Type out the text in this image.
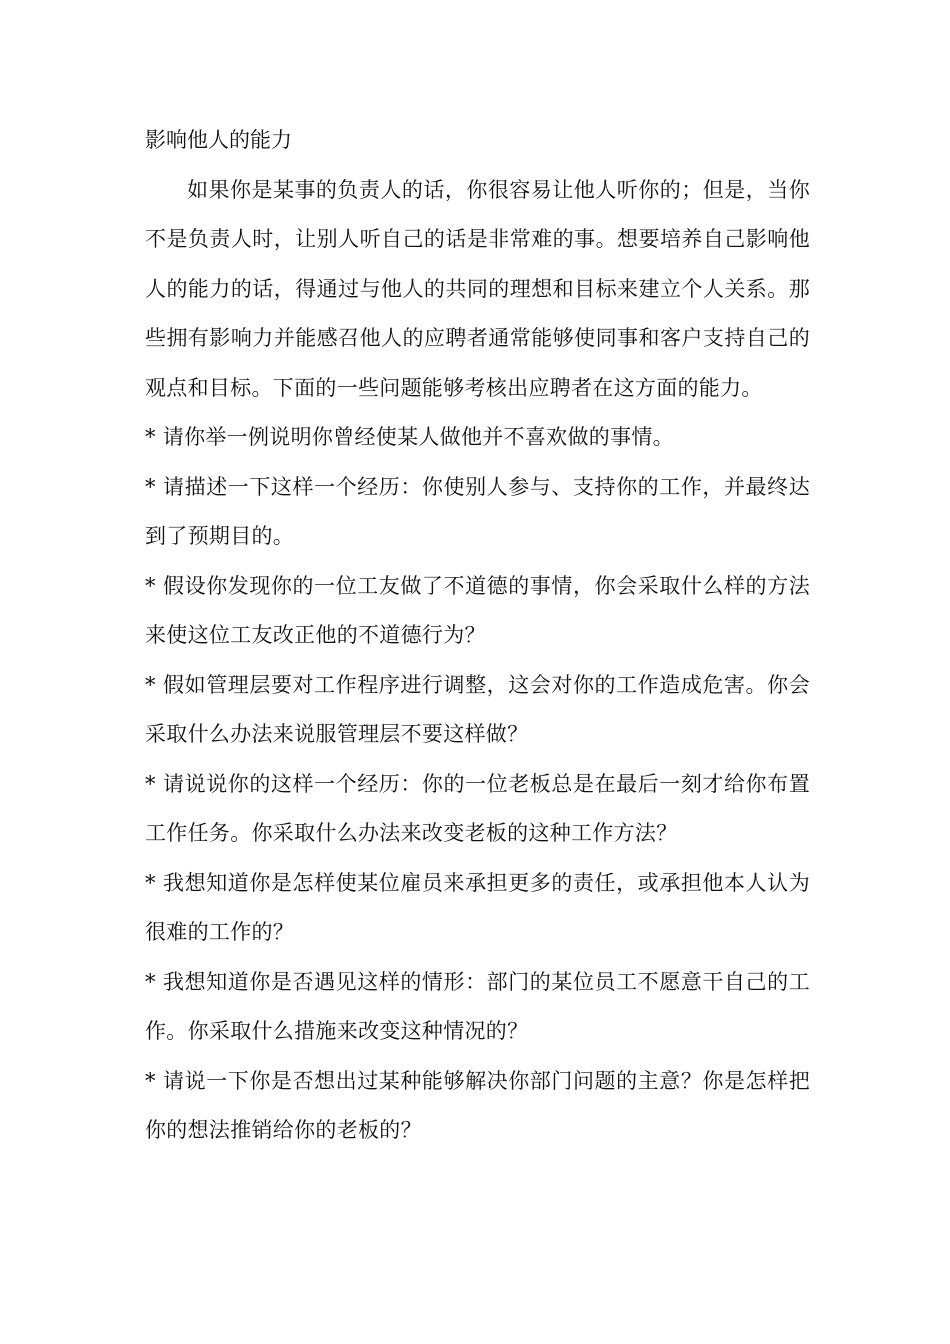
影响他人的能力

如果你是某事的负责人的话，你很容易让他人听你的；但是，当你不是负责人时，让别人听自己的话是非常难的事。想要培养自己影响他人的能力的话，得通过与他人的共同的理想和目标来建立个人关系。那些拥有影响力并能感召他人的应聘者通常能够使同事和客户支持自己的观点和目标。下面的一些问题能够考核出应聘者在这方面的能力。

* 请你举一例说明你曾经使某人做他并不喜欢做的事情。

* 请描述一下这样一个经历：你使别人参与、支持你的工作，并最终达到了预期目的。

* 假设你发现你的一位工友做了不道德的事情，你会采取什么样的方法来使这位工友改正他的不道德行为？

* 假如管理层要对工作程序进行调整，这会对你的工作造成危害。你会采取什么办法来说服管理层不要这样做？

* 请说说你的这样一个经历：你的一位老板总是在最后一刻才给你布置工作任务。你采取什么办法来改变老板的这种工作方法？

* 我想知道你是怎样使某位雇员来承担更多的责任，或承担他本人认为很难的工作的？

* 我想知道你是否遇见这样的情形：部门的某位员工不愿意干自己的工作。你采取什么措施来改变这种情况的？

* 请说一下你是否想出过某种能够解决你部门问题的主意？你是怎样把你的想法推销给你的老板的？
